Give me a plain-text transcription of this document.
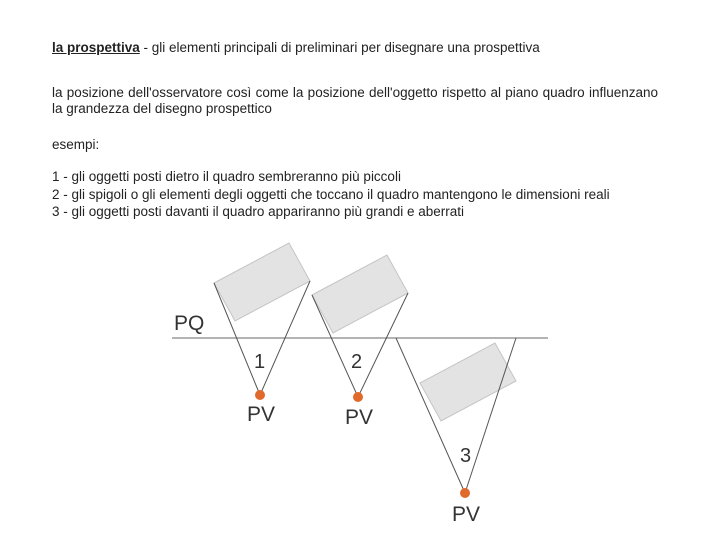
la prospettiva - gli elementi principali di preliminari per disegnare una prospettiva
la posizione dell'osservatore così come la posizione dell'oggetto rispetto al piano quadro influenzano la grandezza del disegno prospettico
esempi:
1 - gli oggetti posti dietro il quadro sembreranno più piccoli
2 - gli spigoli o gli elementi degli oggetti che toccano il quadro mantengono le dimensioni reali
3 - gli oggetti posti davanti il quadro appariranno più grandi e aberrati
PQ
1	2
3
PV	PV
PV
